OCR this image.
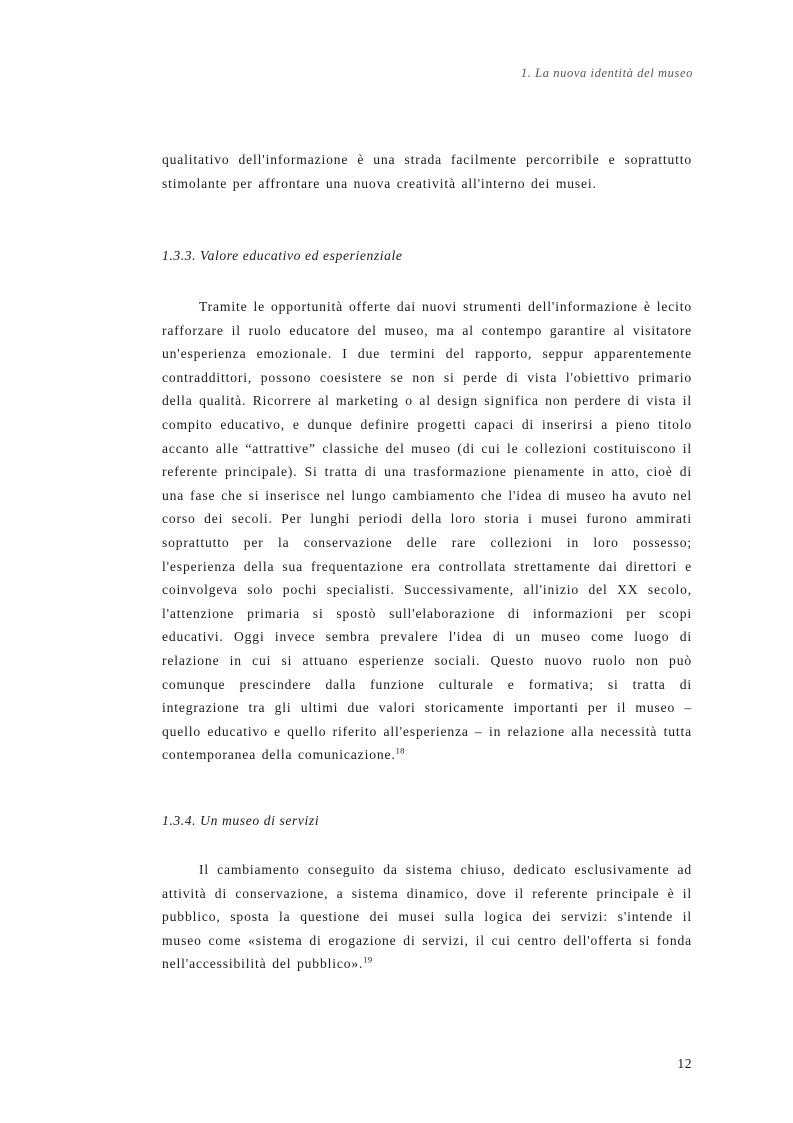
1. La nuova identità del museo

qualitativo dell'informazione è una strada facilmente percorribile e soprattutto stimolante per affrontare una nuova creatività all'interno dei musei.

1.3.3. Valore educativo ed esperienziale

Tramite le opportunità offerte dai nuovi strumenti dell'informazione è lecito rafforzare il ruolo educatore del museo, ma al contempo garantire al visitatore un'esperienza emozionale. I due termini del rapporto, seppur apparentemente contraddittori, possono coesistere se non si perde di vista l'obiettivo primario della qualità. Ricorrere al marketing o al design significa non perdere di vista il compito educativo, e dunque definire progetti capaci di inserirsi a pieno titolo accanto alle “attrattive” classiche del museo (di cui le collezioni costituiscono il referente principale). Si tratta di una trasformazione pienamente in atto, cioè di una fase che si inserisce nel lungo cambiamento che l'idea di museo ha avuto nel corso dei secoli. Per lunghi periodi della loro storia i musei furono ammirati soprattutto per la conservazione delle rare collezioni in loro possesso; l'esperienza della sua frequentazione era controllata strettamente dai direttori e coinvolgeva solo pochi specialisti. Successivamente, all'inizio del XX secolo, l'attenzione primaria si spostò sull'elaborazione di informazioni per scopi educativi. Oggi invece sembra prevalere l'idea di un museo come luogo di relazione in cui si attuano esperienze sociali. Questo nuovo ruolo non può comunque prescindere dalla funzione culturale e formativa; si tratta di integrazione tra gli ultimi due valori storicamente importanti per il museo – quello educativo e quello riferito all'esperienza – in relazione alla necessità tutta contemporanea della comunicazione.$^{18}$

1.3.4. Un museo di servizi

Il cambiamento conseguito da sistema chiuso, dedicato esclusivamente ad attività di conservazione, a sistema dinamico, dove il referente principale è il pubblico, sposta la questione dei musei sulla logica dei servizi: s'intende il museo come «sistema di erogazione di servizi, il cui centro dell'offerta si fonda nell'accessibilità del pubblico».$^{19}$

12
